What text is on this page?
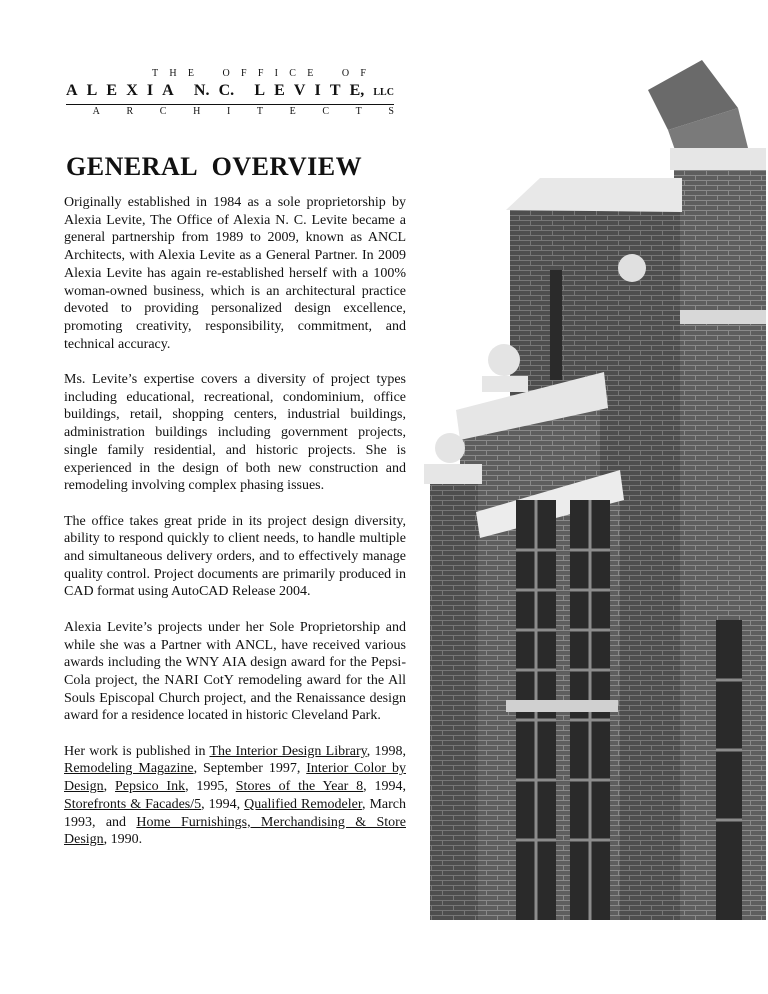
T H E	O F F I C E	O F
A L E X I A N. C. L E V I T E, LLC
A	R	C	H	I	T	E	C	T	S
GENERAL OVERVIEW

Originally established in 1984 as a sole proprietorship by Alexia Levite, The Office of Alexia N. C. Levite became a general partnership from 1989 to 2009, known as ANCL Architects, with Alexia Levite as a General Partner. In 2009 Alexia Levite has again re-established herself with a 100% woman-owned business, which is an architectural practice devoted to providing personalized design excellence, promoting creativity, responsibility, commitment, and technical accuracy.

Ms. Levite’s expertise covers a diversity of project types including educational, recreational, condominium, office buildings, retail, shopping centers, industrial buildings, administration buildings including government projects, single family residential, and historic projects. She is experienced in the design of both new construction and remodeling involving complex phasing issues.

The office takes great pride in its project design diversity, ability to respond quickly to client needs, to handle multiple and simultaneous delivery orders, and to effectively manage quality control. Project documents are primarily produced in CAD format using AutoCAD Release 2004.

Alexia Levite’s projects under her Sole Proprietorship and while she was a Partner with ANCL, have received various awards including the WNY AIA design award for the Pepsi-Cola project, the NARI CotY remodeling award for the All Souls Episcopal Church project, and the Renaissance design award for a residence located in historic Cleveland Park.

Her work is published in The Interior Design Library, 1998, Remodeling Magazine, September 1997, Interior Color by Design, Pepsico Ink, 1995, Stores of the Year 8, 1994, Storefronts & Facades/5, 1994, Qualified Remodeler, March 1993, and Home Furnishings, Merchandising & Store Design, 1990.
